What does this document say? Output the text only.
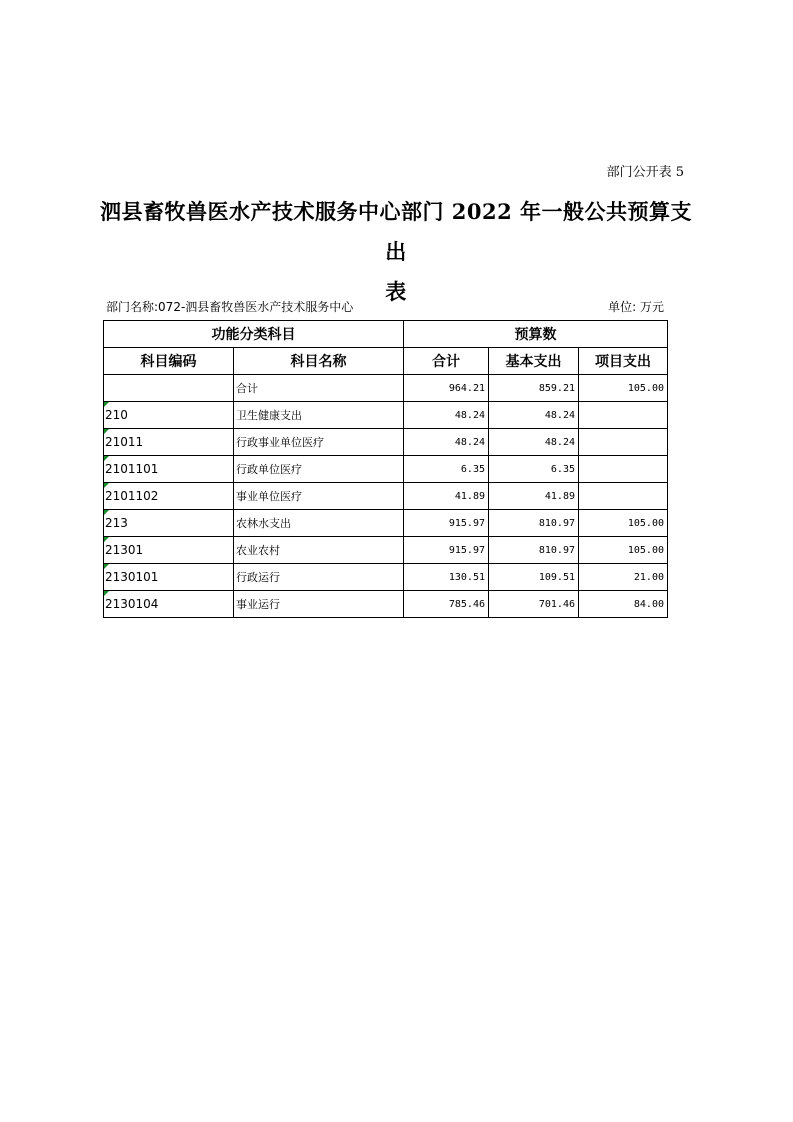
部门公开表 5
泗县畜牧兽医水产技术服务中心部门 2022 年一般公共预算支出
表
部门名称:072-泗县畜牧兽医水产技术服务中心	单位: 万元
功能分类科目		预算数		
科目编码	科目名称	合计	基本支出	项目支出
	合计	964.21	859.21	105.00
210	卫生健康支出	48.24	48.24	
21011	行政事业单位医疗	48.24	48.24	
2101101	行政单位医疗	6.35	6.35	
2101102	事业单位医疗	41.89	41.89	
213	农林水支出	915.97	810.97	105.00
21301	农业农村	915.97	810.97	105.00
2130101	行政运行	130.51	109.51	21.00
2130104	事业运行	785.46	701.46	84.00
